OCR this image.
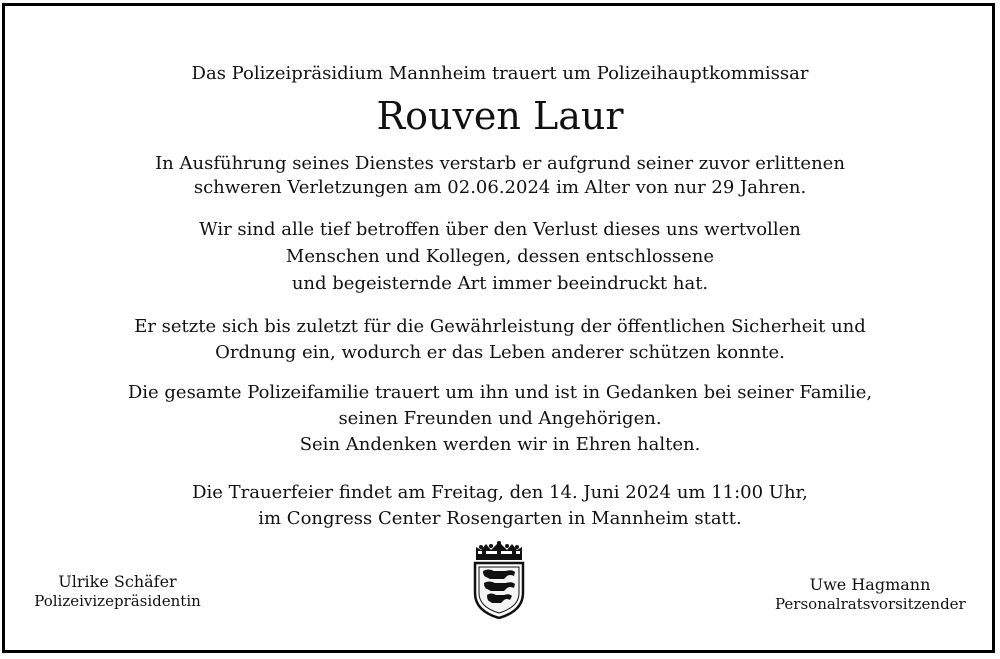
Das Polizeipräsidium Mannheim trauert um Polizeihauptkommissar
Rouven Laur
In Ausführung seines Dienstes verstarb er aufgrund seiner zuvor erlittenen
schweren Verletzungen am 02.06.2024 im Alter von nur 29 Jahren.
Wir sind alle tief betroffen über den Verlust dieses uns wertvollen
Menschen und Kollegen, dessen entschlossene
und begeisternde Art immer beeindruckt hat.
Er setzte sich bis zuletzt für die Gewährleistung der öffentlichen Sicherheit und
Ordnung ein, wodurch er das Leben anderer schützen konnte.
Die gesamte Polizeifamilie trauert um ihn und ist in Gedanken bei seiner Familie,
seinen Freunden und Angehörigen.
Sein Andenken werden wir in Ehren halten.
Die Trauerfeier findet am Freitag, den 14. Juni 2024 um 11:00 Uhr,
im Congress Center Rosengarten in Mannheim statt.
Ulrike Schäfer
Polizeivizepräsidentin
Uwe Hagmann
Personalratsvorsitzender
